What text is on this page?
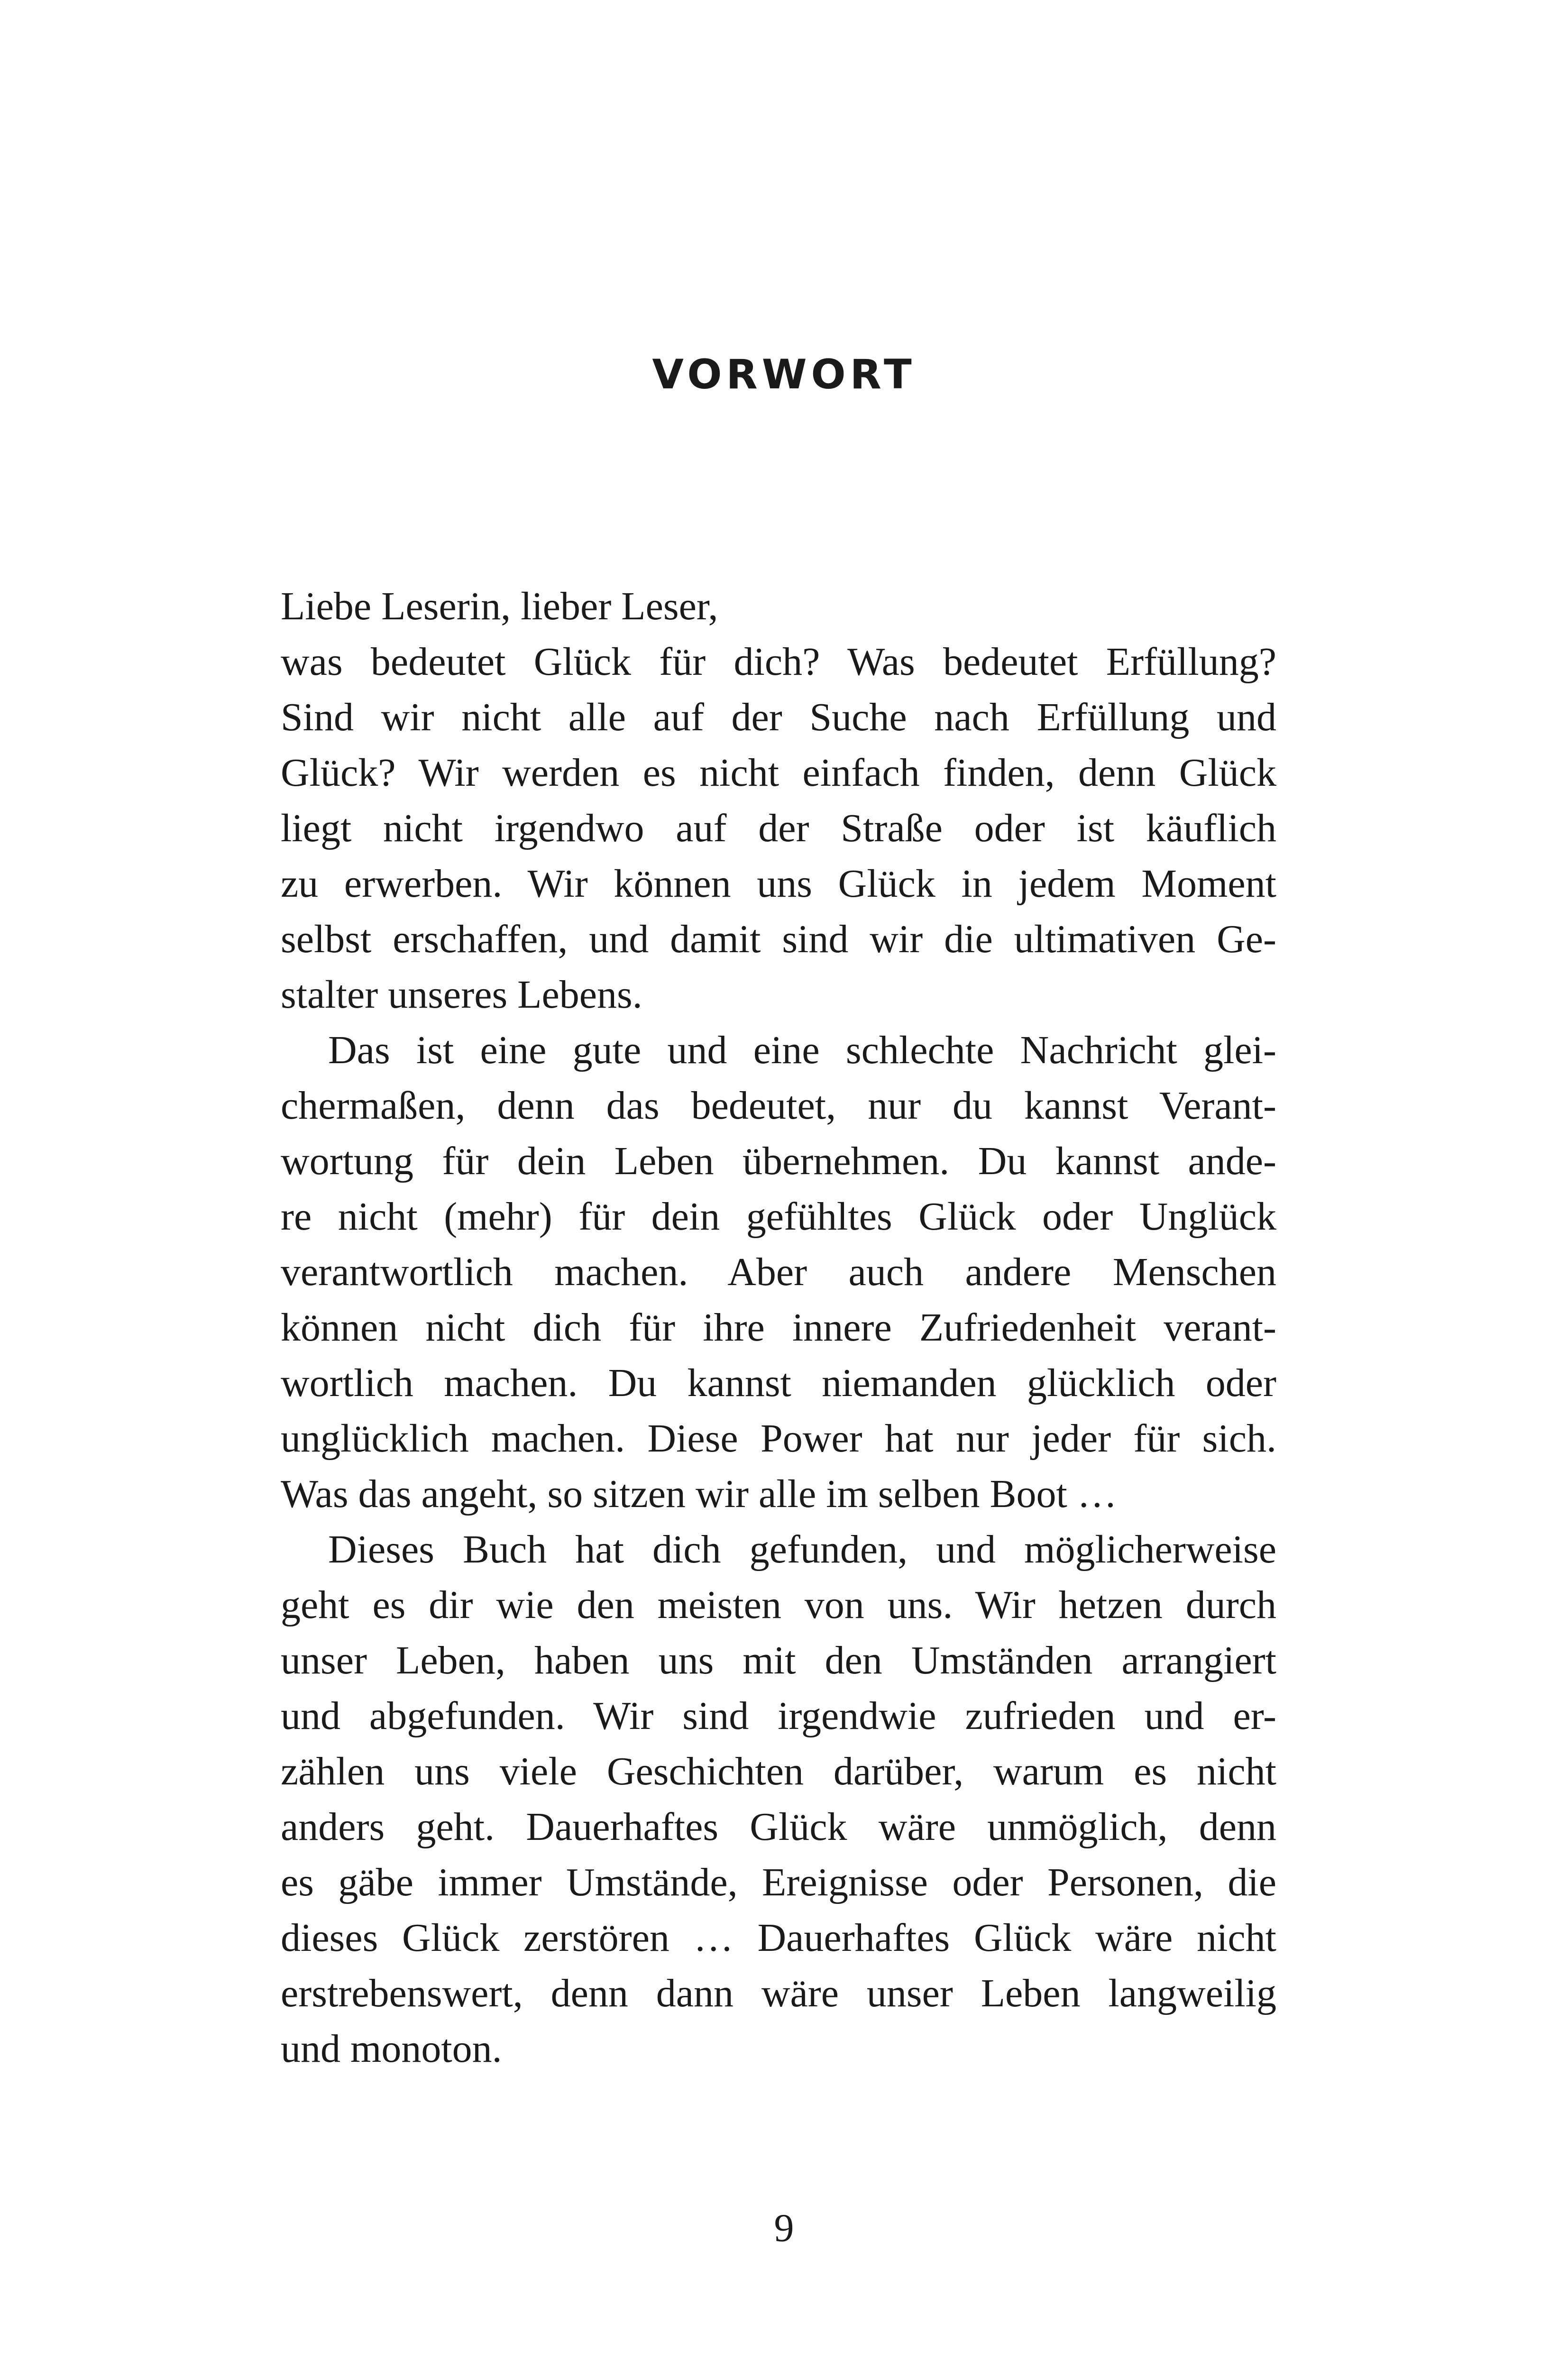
VORWORT

Liebe Leserin, lieber Leser,
was bedeutet Glück für dich? Was bedeutet Erfüllung?
Sind wir nicht alle auf der Suche nach Erfüllung und
Glück? Wir werden es nicht einfach finden, denn Glück
liegt nicht irgendwo auf der Straße oder ist käuflich
zu erwerben. Wir können uns Glück in jedem Moment
selbst erschaffen, und damit sind wir die ultimativen Ge-
stalter unseres Lebens.

Das ist eine gute und eine schlechte Nachricht glei-
chermaßen, denn das bedeutet, nur du kannst Verant-
wortung für dein Leben übernehmen. Du kannst ande-
re nicht (mehr) für dein gefühltes Glück oder Unglück
verantwortlich machen. Aber auch andere Menschen
können nicht dich für ihre innere Zufriedenheit verant-
wortlich machen. Du kannst niemanden glücklich oder
unglücklich machen. Diese Power hat nur jeder für sich.
Was das angeht, so sitzen wir alle im selben Boot …

Dieses Buch hat dich gefunden, und möglicherweise
geht es dir wie den meisten von uns. Wir hetzen durch
unser Leben, haben uns mit den Umständen arrangiert
und abgefunden. Wir sind irgendwie zufrieden und er-
zählen uns viele Geschichten darüber, warum es nicht
anders geht. Dauerhaftes Glück wäre unmöglich, denn
es gäbe immer Umstände, Ereignisse oder Personen, die
dieses Glück zerstören … Dauerhaftes Glück wäre nicht
erstrebenswert, denn dann wäre unser Leben langweilig
und monoton.

9
